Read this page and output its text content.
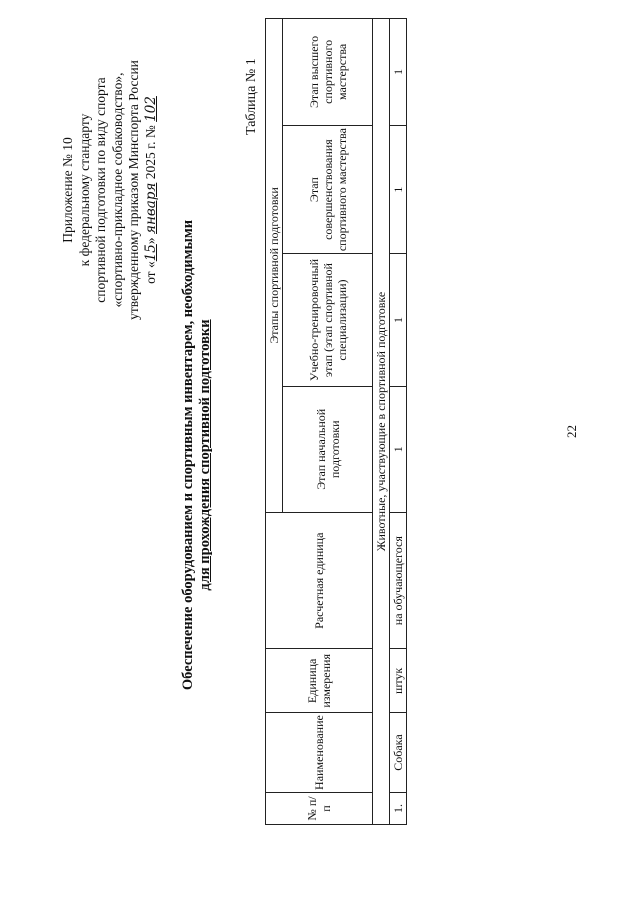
22
Приложение № 10 к федеральному стандарту спортивной подготовки по виду спорта «спортивно-прикладное собаководство», утвержденному приказом Минспорта России от «15» января 2025 г. № 102
Обеспечение оборудованием и спортивным инвентарем, необходимыми для прохождения спортивной подготовки
Таблица № 1
№ п/п	Наименование	Единица измерения	Расчетная единица	Этапы спортивной подготовки			
				Этап начальной подготовки	Учебно-тренировочный этап (этап спортивной специализации)	Этап совершенствования спортивного мастерства	Этап высшего спортивного мастерства
Животные, участвующие в спортивной подготовке							
1.	Собака	штук	на обучающегося	1	1	1	1
